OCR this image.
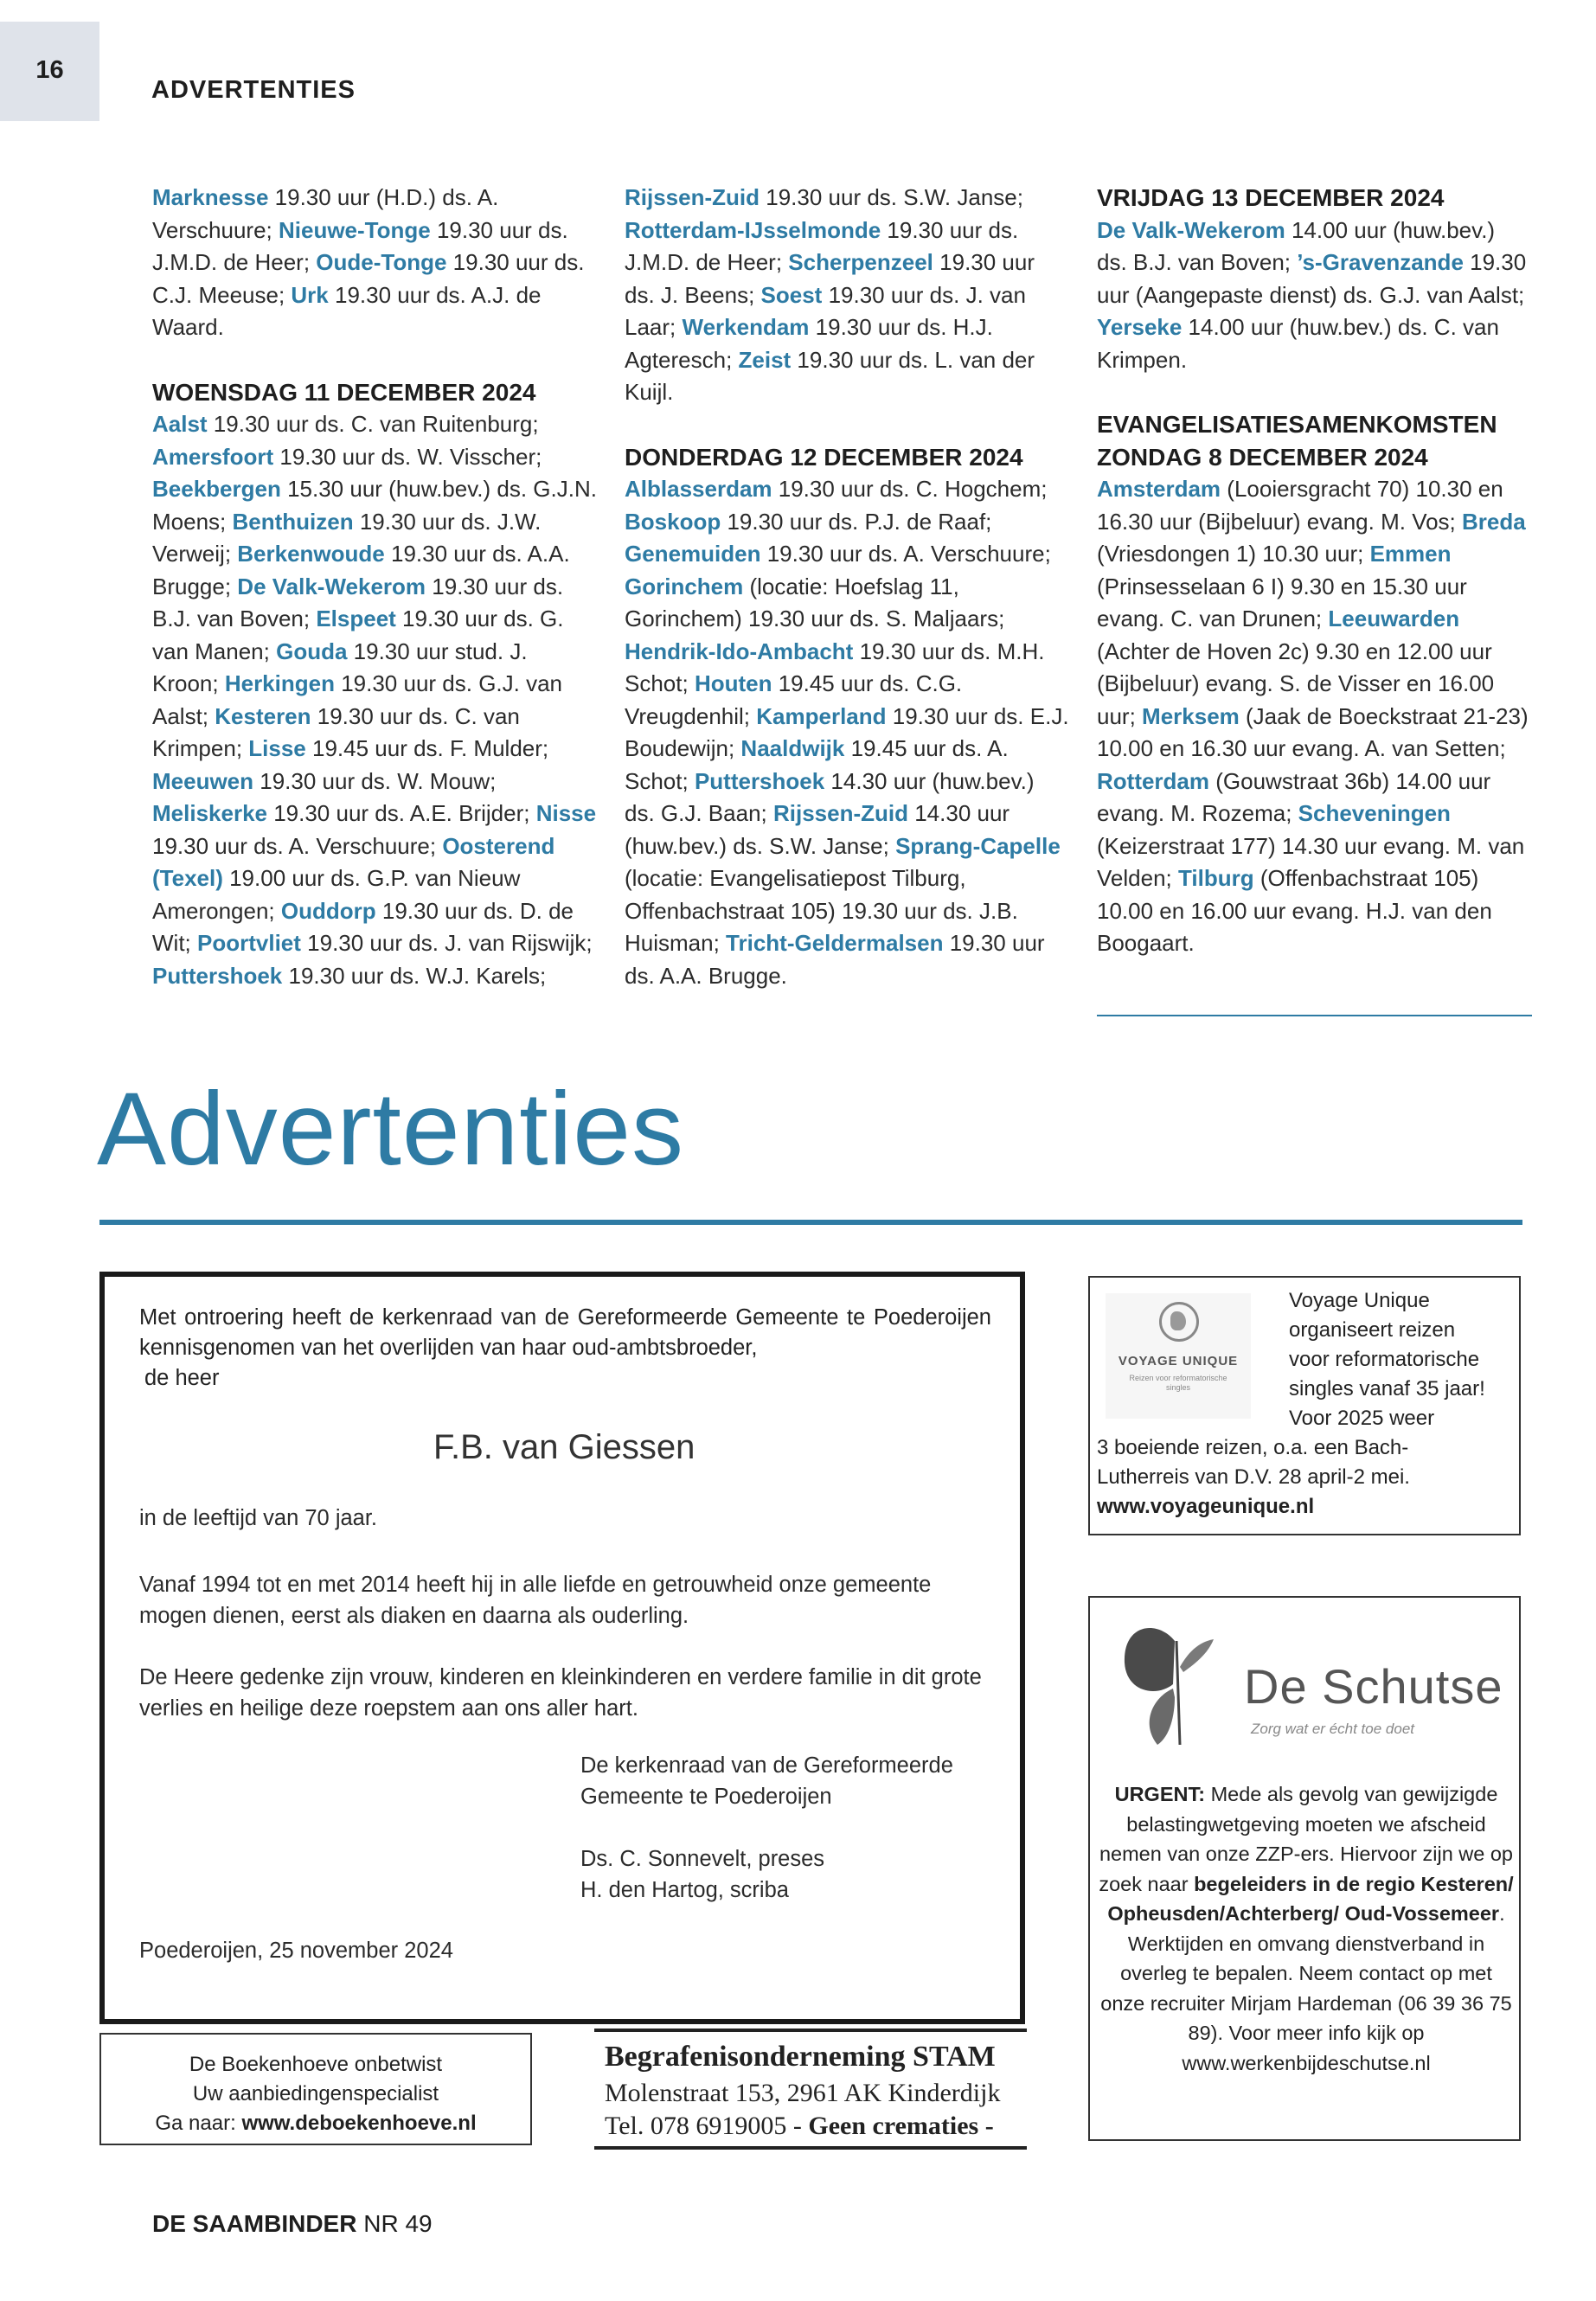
16
ADVERTENTIES

Marknesse 19.30 uur (H.D.) ds. A. Verschuure; Nieuwe-Tonge 19.30 uur ds. J.M.D. de Heer; Oude-Tonge 19.30 uur ds. C.J. Meeuse; Urk 19.30 uur ds. A.J. de Waard.

WOENSDAG 11 DECEMBER 2024

Aalst 19.30 uur ds. C. van Ruitenburg; Amersfoort 19.30 uur ds. W. Visscher; Beekbergen 15.30 uur (huw.bev.) ds. G.J.N. Moens; Benthuizen 19.30 uur ds. J.W. Verweij; Berkenwoude 19.30 uur ds. A.A. Brugge; De Valk-Wekerom 19.30 uur ds. B.J. van Boven; Elspeet 19.30 uur ds. G. van Manen; Gouda 19.30 uur stud. J. Kroon; Herkingen 19.30 uur ds. G.J. van Aalst; Kesteren 19.30 uur ds. C. van Krimpen; Lisse 19.45 uur ds. F. Mulder; Meeuwen 19.30 uur ds. W. Mouw; Meliskerke 19.30 uur ds. A.E. Brijder; Nisse 19.30 uur ds. A. Verschuure; Oosterend (Texel) 19.00 uur ds. G.P. van Nieuw Amerongen; Ouddorp 19.30 uur ds. D. de Wit; Poortvliet 19.30 uur ds. J. van Rijswijk; Puttershoek 19.30 uur ds. W.J. Karels;

Rijssen-Zuid 19.30 uur ds. S.W. Janse; Rotterdam-IJsselmonde 19.30 uur ds. J.M.D. de Heer; Scherpenzeel 19.30 uur ds. J. Beens; Soest 19.30 uur ds. J. van Laar; Werkendam 19.30 uur ds. H.J. Agteresch; Zeist 19.30 uur ds. L. van der Kuijl.

DONDERDAG 12 DECEMBER 2024

Alblasserdam 19.30 uur ds. C. Hogchem; Boskoop 19.30 uur ds. P.J. de Raaf; Genemuiden 19.30 uur ds. A. Verschuure; Gorinchem (locatie: Hoefslag 11, Gorinchem) 19.30 uur ds. S. Maljaars; Hendrik-Ido-Ambacht 19.30 uur ds. M.H. Schot; Houten 19.45 uur ds. C.G. Vreugdenhil; Kamperland 19.30 uur ds. E.J. Boudewijn; Naaldwijk 19.45 uur ds. A. Schot; Puttershoek 14.30 uur (huw.bev.) ds. G.J. Baan; Rijssen-Zuid 14.30 uur (huw.bev.) ds. S.W. Janse; Sprang-Capelle (locatie: Evangelisatiepost Tilburg, Offenbachstraat 105) 19.30 uur ds. J.B. Huisman; Tricht-Geldermalsen 19.30 uur ds. A.A. Brugge.

VRIJDAG 13 DECEMBER 2024

De Valk-Wekerom 14.00 uur (huw.bev.) ds. B.J. van Boven; ’s-Gravenzande 19.30 uur (Aangepaste dienst) ds. G.J. van Aalst; Yerseke 14.00 uur (huw.bev.) ds. C. van Krimpen.

EVANGELISATIESAMENKOMSTEN
ZONDAG 8 DECEMBER 2024

Amsterdam (Looiersgracht 70) 10.30 en 16.30 uur (Bijbeluur) evang. M. Vos; Breda (Vriesdongen 1) 10.30 uur; Emmen (Prinsesselaan 6 I) 9.30 en 15.30 uur evang. C. van Drunen; Leeuwarden (Achter de Hoven 2c) 9.30 en 12.00 uur (Bijbeluur) evang. S. de Visser en 16.00 uur; Merksem (Jaak de Boeckstraat 21-23) 10.00 en 16.30 uur evang. A. van Setten; Rotterdam (Gouwstraat 36b) 14.00 uur evang. M. Rozema; Scheveningen (Keizerstraat 177) 14.30 uur evang. M. van Velden; Tilburg (Offenbachstraat 105) 10.00 en 16.00 uur evang. H.J. van den Boogaart.

Advertenties
Met ontroering heeft de kerkenraad van de Gereformeerde Gemeente te Poederoijen kennisgenomen van het overlijden van haar oud-ambtsbroeder,
de heer
F.B. van Giessen
in de leeftijd van 70 jaar.
Vanaf 1994 tot en met 2014 heeft hij in alle liefde en getrouwheid onze gemeente mogen dienen, eerst als diaken en daarna als ouderling.
De Heere gedenke zijn vrouw, kinderen en kleinkinderen en verdere familie in dit grote verlies en heilige deze roepstem aan ons aller hart.
De kerkenraad van de Gereformeerde
Gemeente te Poederoijen
Ds. C. Sonnevelt, preses
H. den Hartog, scriba
Poederoijen, 25 november 2024
VOYAGE UNIQUE
Reizen voor reformatorische singles
Voyage Unique
organiseert reizen
voor reformatorische
singles vanaf 35 jaar!
Voor 2025 weer
3 boeiende reizen, o.a. een Bach-
Lutherreis van D.V. 28 april-2 mei.
www.voyageunique.nl
De Schutse
Zorg wat er écht toe doet
URGENT: Mede als gevolg van gewijzigde belastingwetgeving moeten we afscheid nemen van onze ZZP-ers. Hiervoor zijn we op zoek naar begeleiders in de regio Kesteren/ Opheusden/Achterberg/ Oud-Vossemeer. Werktijden en omvang dienstverband in overleg te bepalen. Neem contact op met onze recruiter Mirjam Hardeman (06 39 36 75 89). Voor meer info kijk op www.werkenbijdeschutse.nl
De Boekenhoeve onbetwist
Uw aanbiedingenspecialist
Ga naar: www.deboekenhoeve.nl
Begrafenisonderneming STAM
Molenstraat 153, 2961 AK Kinderdijk
Tel. 078 6919005 - Geen crematies -
DE SAAMBINDER NR 49
